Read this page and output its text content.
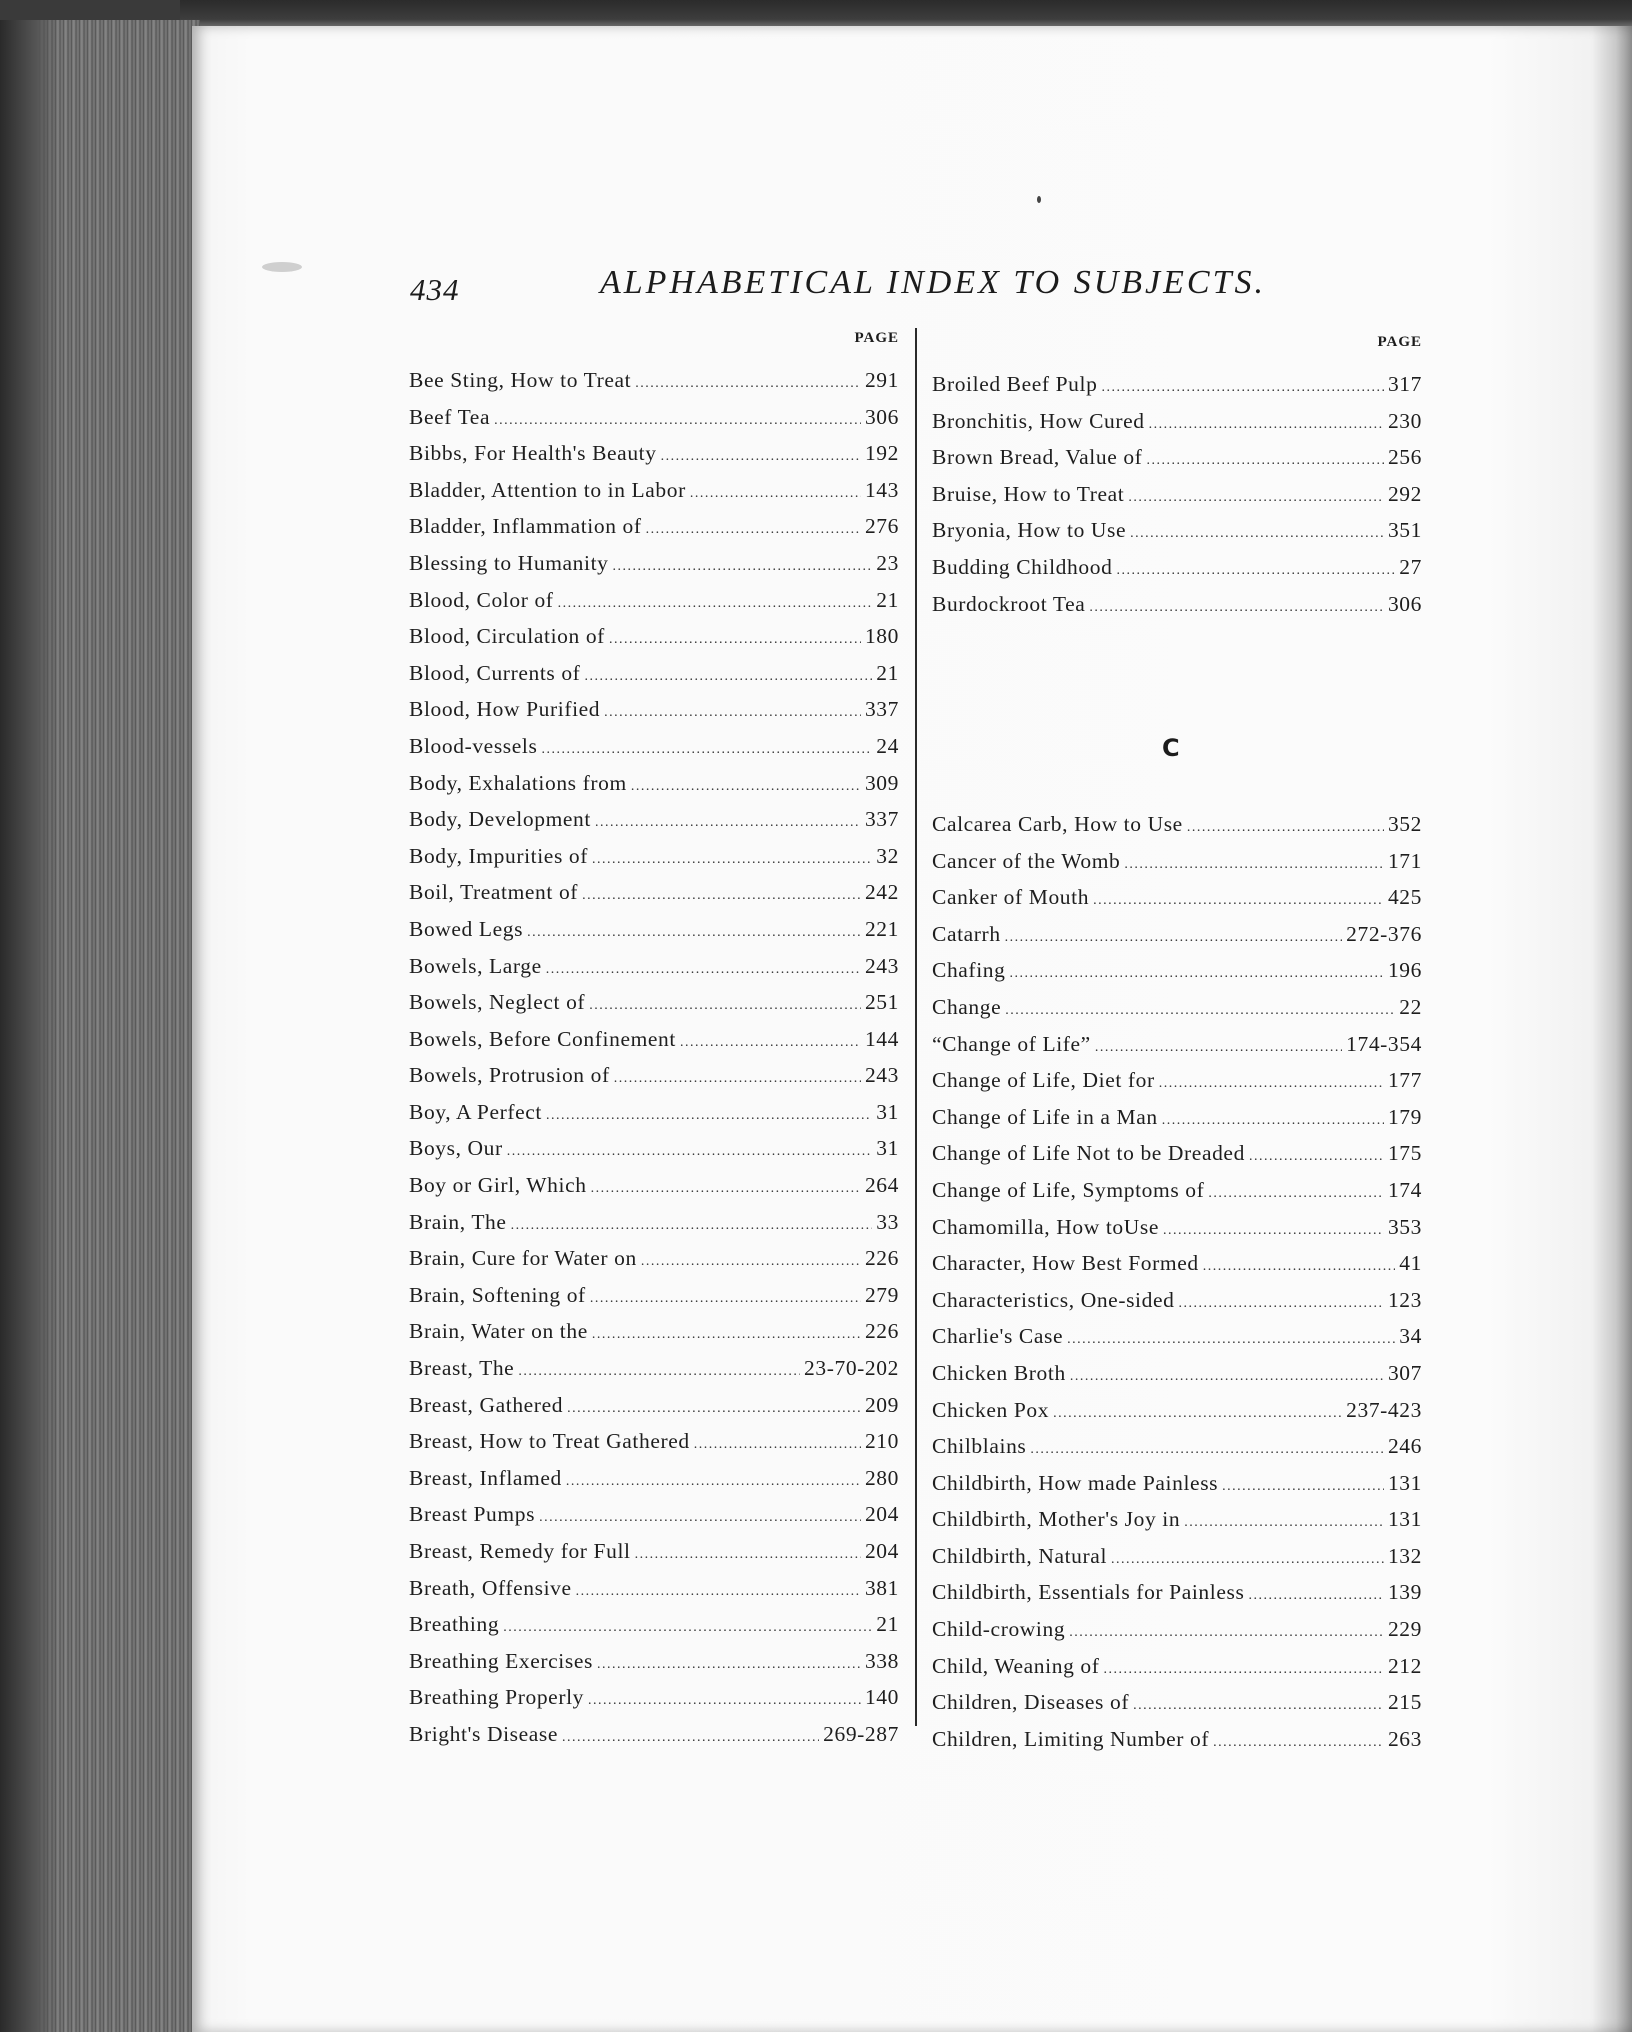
434	ALPHABETICAL INDEX TO SUBJECTS.
PAGE
Bee Sting, How to Treat . . .	291
Beef Tea . . .	306
Bibbs, For Health's Beauty . . .	192
Bladder, Attention to in Labor . . .	143
Bladder, Inflammation of . . .	276
Blessing to Humanity . . .	23
Blood, Color of . . .	21
Blood, Circulation of . . .	180
Blood, Currents of . . .	21
Blood, How Purified . . .	337
Blood-vessels . . .	24
Body, Exhalations from . . .	309
Body, Development . . .	337
Body, Impurities of . . .	32
Boil, Treatment of . . .	242
Bowed Legs . . .	221
Bowels, Large . . .	243
Bowels, Neglect of . . .	251
Bowels, Before Confinement . . .	144
Bowels, Protrusion of . . .	243
Boy, A Perfect . . .	31
Boys, Our . . .	31
Boy or Girl, Which . . .	264
Brain, The . . .	33
Brain, Cure for Water on . . .	226
Brain, Softening of . . .	279
Brain, Water on the . . .	226
Breast, The . . .	23-70-202
Breast, Gathered . . .	209
Breast, How to Treat Gathered . . .	210
Breast, Inflamed . . .	280
Breast Pumps . . .	204
Breast, Remedy for Full . . .	204
Breath, Offensive . . .	381
Breathing . . .	21
Breathing Exercises . . .	338
Breathing Properly . . .	140
Bright's Disease . . .	269-287
PAGE
Broiled Beef Pulp . . .	317
Bronchitis, How Cured . . .	230
Brown Bread, Value of . . .	256
Bruise, How to Treat . . .	292
Bryonia, How to Use . . .	351
Budding Childhood . . .	27
Burdockroot Tea . . .	306
C
Calcarea Carb, How to Use . . .	352
Cancer of the Womb . . .	171
Canker of Mouth . . .	425
Catarrh . . .	272-376
Chafing . . .	196
Change . . .	22
“Change of Life” . . .	174-354
Change of Life, Diet for . . .	177
Change of Life in a Man . . .	179
Change of Life Not to be Dreaded . . .	175
Change of Life, Symptoms of . . .	174
Chamomilla, How toUse . . .	353
Character, How Best Formed . . .	41
Characteristics, One-sided . . .	123
Charlie's Case . . .	34
Chicken Broth . . .	307
Chicken Pox . . .	237-423
Chilblains . . .	246
Childbirth, How made Painless . . .	131
Childbirth, Mother's Joy in . . .	131
Childbirth, Natural . . .	132
Childbirth, Essentials for Painless . . .	139
Child-crowing . . .	229
Child, Weaning of . . .	212
Children, Diseases of . . .	215
Children, Limiting Number of . . .	263
